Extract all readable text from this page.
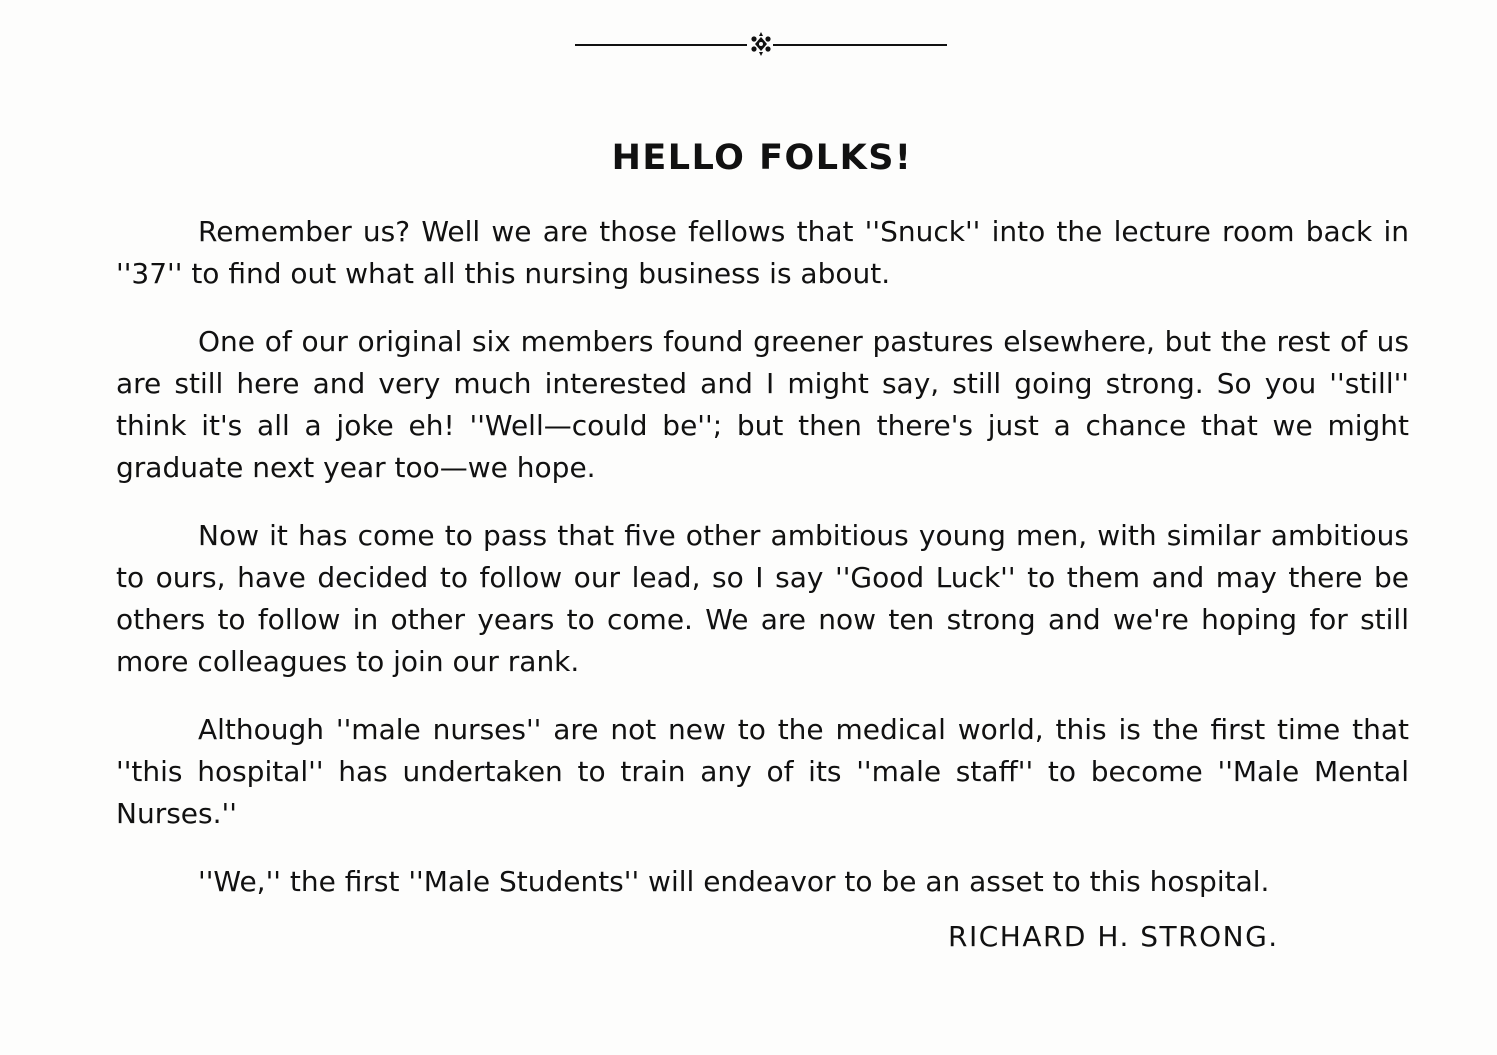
HELLO FOLKS!

Remember us? Well we are those fellows that ''Snuck'' into the lecture room back in ''37'' to find out what all this nursing business is about.

One of our original six members found greener pastures elsewhere, but the rest of us are still here and very much interested and I might say, still going strong. So you ''still'' think it's all a joke eh! ''Well—could be''; but then there's just a chance that we might graduate next year too—we hope.

Now it has come to pass that five other ambitious young men, with similar ambitious to ours, have decided to follow our lead, so I say ''Good Luck'' to them and may there be others to follow in other years to come. We are now ten strong and we're hoping for still more colleagues to join our rank.

Although ''male nurses'' are not new to the medical world, this is the first time that ''this hospital'' has undertaken to train any of its ''male staff'' to become ''Male Mental Nurses.''

''We,'' the first ''Male Students'' will endeavor to be an asset to this hospital.

RICHARD H. STRONG.
